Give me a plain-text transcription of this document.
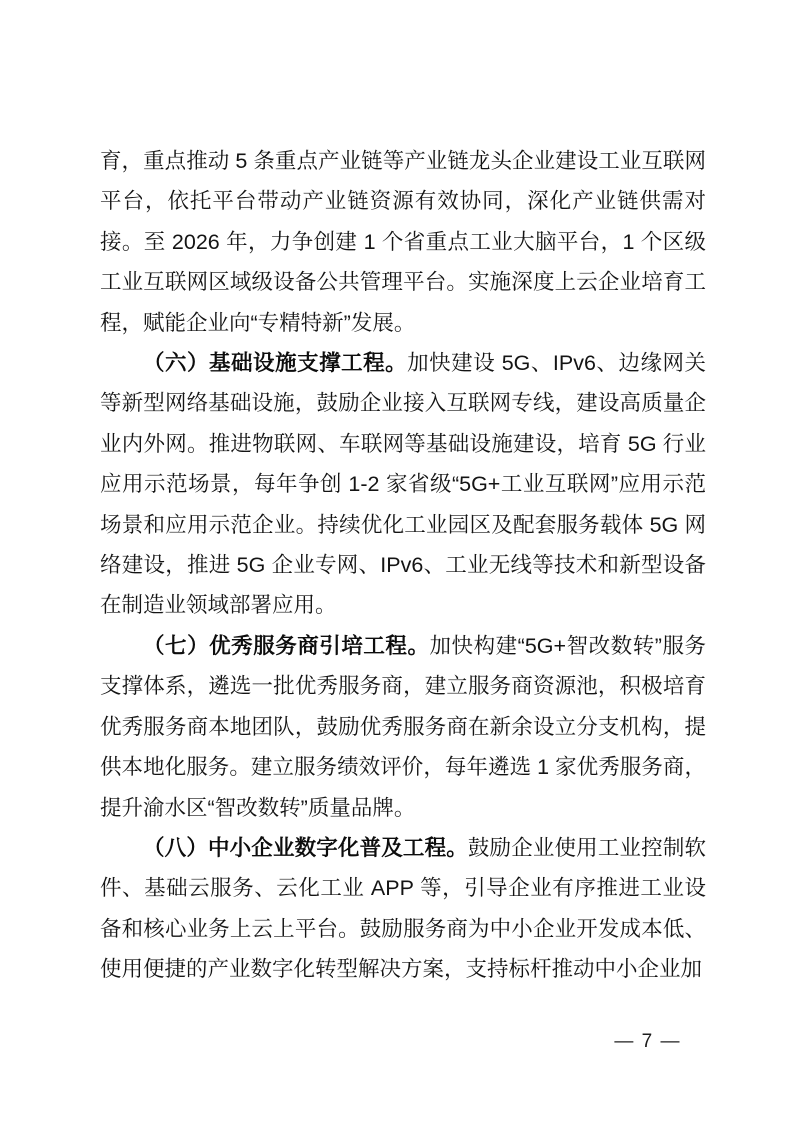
育，重点推动 5 条重点产业链等产业链龙头企业建设工业互联网平台，依托平台带动产业链资源有效协同，深化产业链供需对接。至 2026 年，力争创建 1 个省重点工业大脑平台，1 个区级工业互联网区域级设备公共管理平台。实施深度上云企业培育工程，赋能企业向“专精特新”发展。

（六）基础设施支撑工程。加快建设 5G、IPv6、边缘网关等新型网络基础设施，鼓励企业接入互联网专线，建设高质量企业内外网。推进物联网、车联网等基础设施建设，培育 5G 行业应用示范场景，每年争创 1-2 家省级“5G+工业互联网”应用示范场景和应用示范企业。持续优化工业园区及配套服务载体 5G 网络建设，推进 5G 企业专网、IPv6、工业无线等技术和新型设备在制造业领域部署应用。

（七）优秀服务商引培工程。加快构建“5G+智改数转”服务支撑体系，遴选一批优秀服务商，建立服务商资源池，积极培育优秀服务商本地团队，鼓励优秀服务商在新余设立分支机构，提供本地化服务。建立服务绩效评价，每年遴选 1 家优秀服务商，提升渝水区“智改数转”质量品牌。

（八）中小企业数字化普及工程。鼓励企业使用工业控制软件、基础云服务、云化工业 APP 等，引导企业有序推进工业设备和核心业务上云上平台。鼓励服务商为中小企业开发成本低、使用便捷的产业数字化转型解决方案，支持标杆推动中小企业加

— 7 —
